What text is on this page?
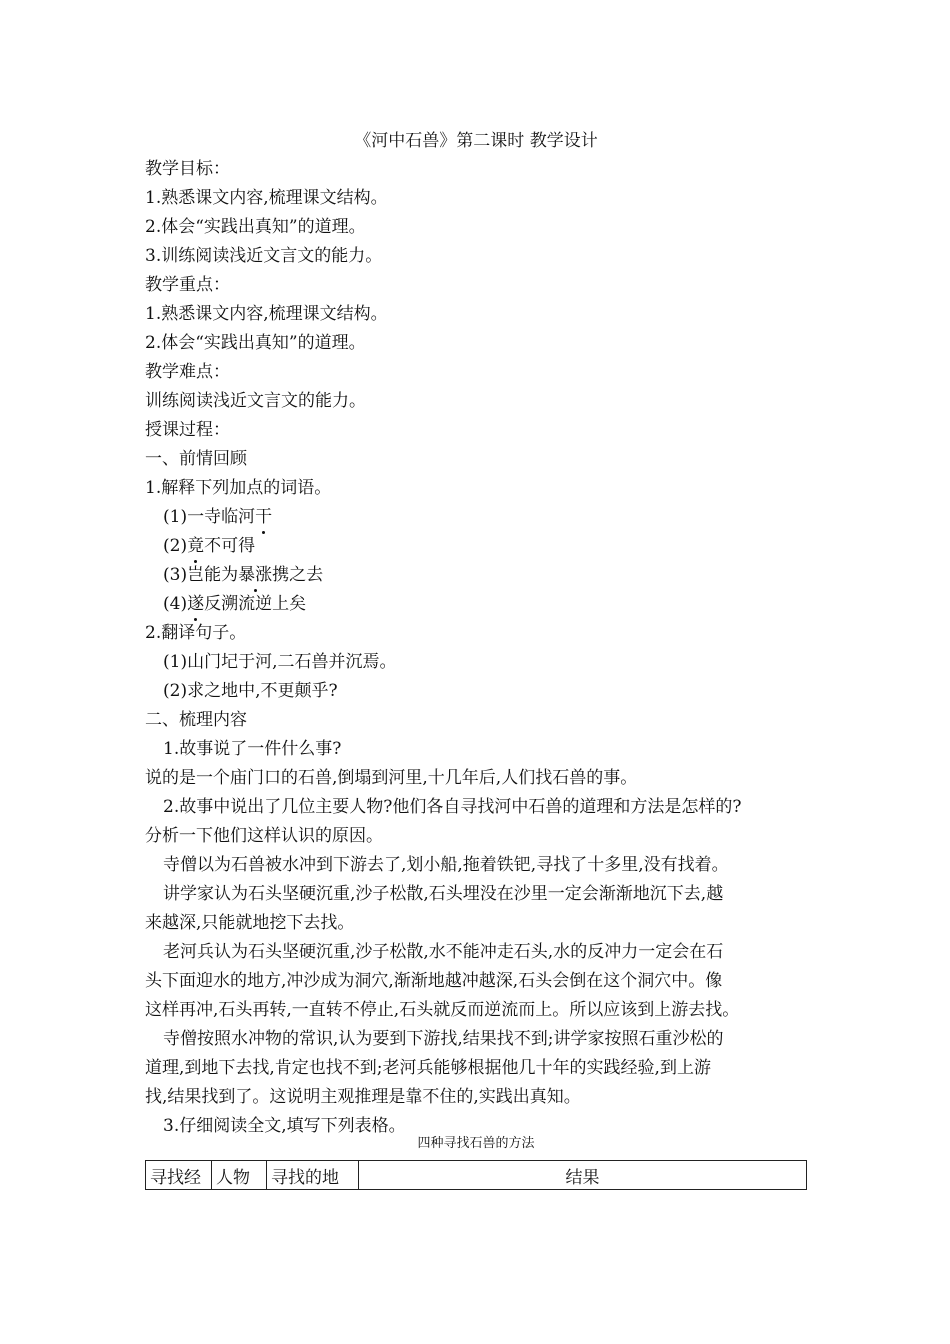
《河中石兽》第二课时 教学设计
教学目标：
1.熟悉课文内容,梳理课文结构。
2.体会“实践出真知”的道理。
3.训练阅读浅近文言文的能力。
教学重点：
1.熟悉课文内容,梳理课文结构。
2.体会“实践出真知”的道理。
教学难点：
训练阅读浅近文言文的能力。
授课过程：
一、前情回顾
1.解释下列加点的词语。
(1)一寺临河干
(2)竟不可得
(3)岂能为暴涨携之去
(4)遂反溯流逆上矣
2.翻译句子。
(1)山门圮于河,二石兽并沉焉。
(2)求之地中,不更颠乎?
二、梳理内容
1.故事说了一件什么事?
说的是一个庙门口的石兽,倒塌到河里,十几年后,人们找石兽的事。
2.故事中说出了几位主要人物?他们各自寻找河中石兽的道理和方法是怎样的?
分析一下他们这样认识的原因。
寺僧以为石兽被水冲到下游去了,划小船,拖着铁钯,寻找了十多里,没有找着。
讲学家认为石头坚硬沉重,沙子松散,石头埋没在沙里一定会渐渐地沉下去,越
来越深,只能就地挖下去找。
老河兵认为石头坚硬沉重,沙子松散,水不能冲走石头,水的反冲力一定会在石
头下面迎水的地方,冲沙成为洞穴,渐渐地越冲越深,石头会倒在这个洞穴中。像
这样再冲,石头再转,一直转不停止,石头就反而逆流而上。所以应该到上游去找。
寺僧按照水冲物的常识,认为要到下游找,结果找不到;讲学家按照石重沙松的
道理,到地下去找,肯定也找不到;老河兵能够根据他几十年的实践经验,到上游
找,结果找到了。这说明主观推理是靠不住的,实践出真知。
3.仔细阅读全文,填写下列表格。
四种寻找石兽的方法
寻找经	人物	寻找的地	结果
